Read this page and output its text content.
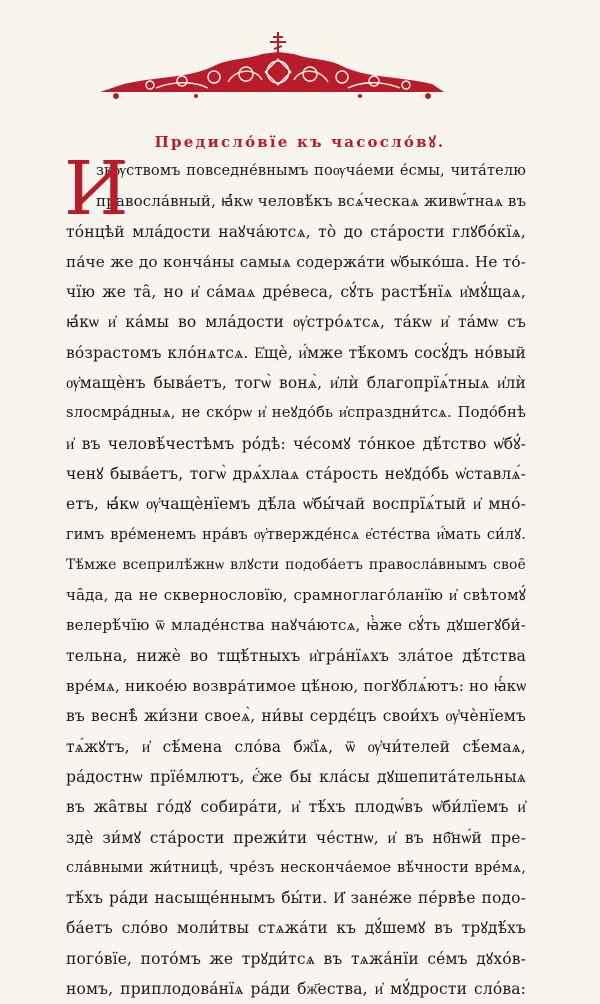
Предисло́вїе къ часосло́вꙋ.
И
зкѹ́ствомъ повседне́внымъ поѹча́еми е́смы, чита́телю
правосла́вный, ꙗ҆́кѡ человѣ́къ всѧ́ческаѧ живѡ́тнаѧ въ
то́нцѣй мла́дости наꙋча́ютсѧ, то̀ до ста́рости глꙋбо́кїѧ,
па́че же до конча́ны самыѧ содержа́ти ѡ҆быко́ша. Не то́-
чїю же та̑, но и҆ са́маѧ дре́веса, сꙋ́ть растѣ́нїѧ и҆мꙋ́щаѧ,
ꙗ҆́кѡ и҆ ка́мы во мла́дости ѹ҆стро́ѧтсѧ, та́кѡ и҆ та́мѡ съ
во́зрастомъ кло́нѧтсѧ. Е҆щѐ, и҆́мже тѣ́комъ сосꙋ́дъ но́вый
ѹ҆мащѐнъ быва́етъ, тогѡ̀ вонѧ̀, и҆лѝ благопрїѧ́тныѧ и҆лѝ
ѕлосмра́дныѧ, не ско́рѡ и҆ неꙋдо́бь и҆спраздни́тсѧ. Подо́бнѣ
и҆ въ человѣ́честѣмъ ро́дѣ: че́сомꙋ то́нкое дѣ́тство ѡ҆бꙋ́-
ченꙋ быва́етъ, тогѡ̀ дрѧ́хлаѧ ста́рость неꙋдо́бь ѡ҆ставлѧ́-
етъ, ꙗ҆́кѡ ѹ҆чащѐнїемъ дѣ́ла ѡ҆бы́чай воспрїѧ́тый и҆ мно́-
гимъ вре́менемъ нра́въ ѹ҆твержде́нсѧ е҆сте́ства и҆́мать си́лꙋ.
Тѣ́мже всеприлѣ́жнѡ влꙋсти подоба́етъ правосла́внымъ свое̑
ча̑да, да не сквернословїю, срамнoглаго́ланїю и҆ свѣтомꙋ́
велерѣ́чїю ѿ младе́нства наꙋча́ютсѧ, ꙗ҆̀же сꙋ́ть дꙋшегꙋби́-
тельна, нижѐ во тщѣ́тныхъ и҆гра́нїѧхъ зла́тое дѣ́тства
вре́мѧ, никое́ю возвра́тимое цѣ́ною, погꙋблѧ́ютъ: но ꙗ҆́кѡ
въ веснѣ̀ жи́зни своеѧ̀, ни́вы сердє́цъ свои́хъ ѹ҆чѐнїемъ
тѧ́жꙋтъ, и҆ сѣ́мена сло́ва бж҃їѧ, ѿ ѹ҆чи́телей сѣ́емаѧ,
ра́достнѡ прїе́млютъ, є҆́же бы кла́сы дꙋшепита́тельныѧ
въ жа̑твы го́дꙋ собира́ти, и҆ тѣ́хъ плодѡ́въ ѡ҆би́лїемъ и҆
здѐ зи́мꙋ ста́рости прежи́ти че́стнѡ, и҆ въ нб҃нѡ́й пре-
сла́вными жи́тницѣ, чре́зъ несконча́емое вѣ́чности вре́мѧ,
тѣ́хъ ра́ди насыще́ннымъ бы́ти. И҆ зане́же пе́рвѣе подо-
ба́етъ сло́во моли́твы стѧжа́ти къ дꙋ́шемꙋ въ трꙋдѣ́хъ
пого́вїе, пото́мъ же трꙋди́тсѧ въ тѧжа́нїи се́мъ дꙋхо́в-
номъ, приплодова́нїѧ ра́ди бж҃ества, и҆ мꙋ́дрости сло́ва:
